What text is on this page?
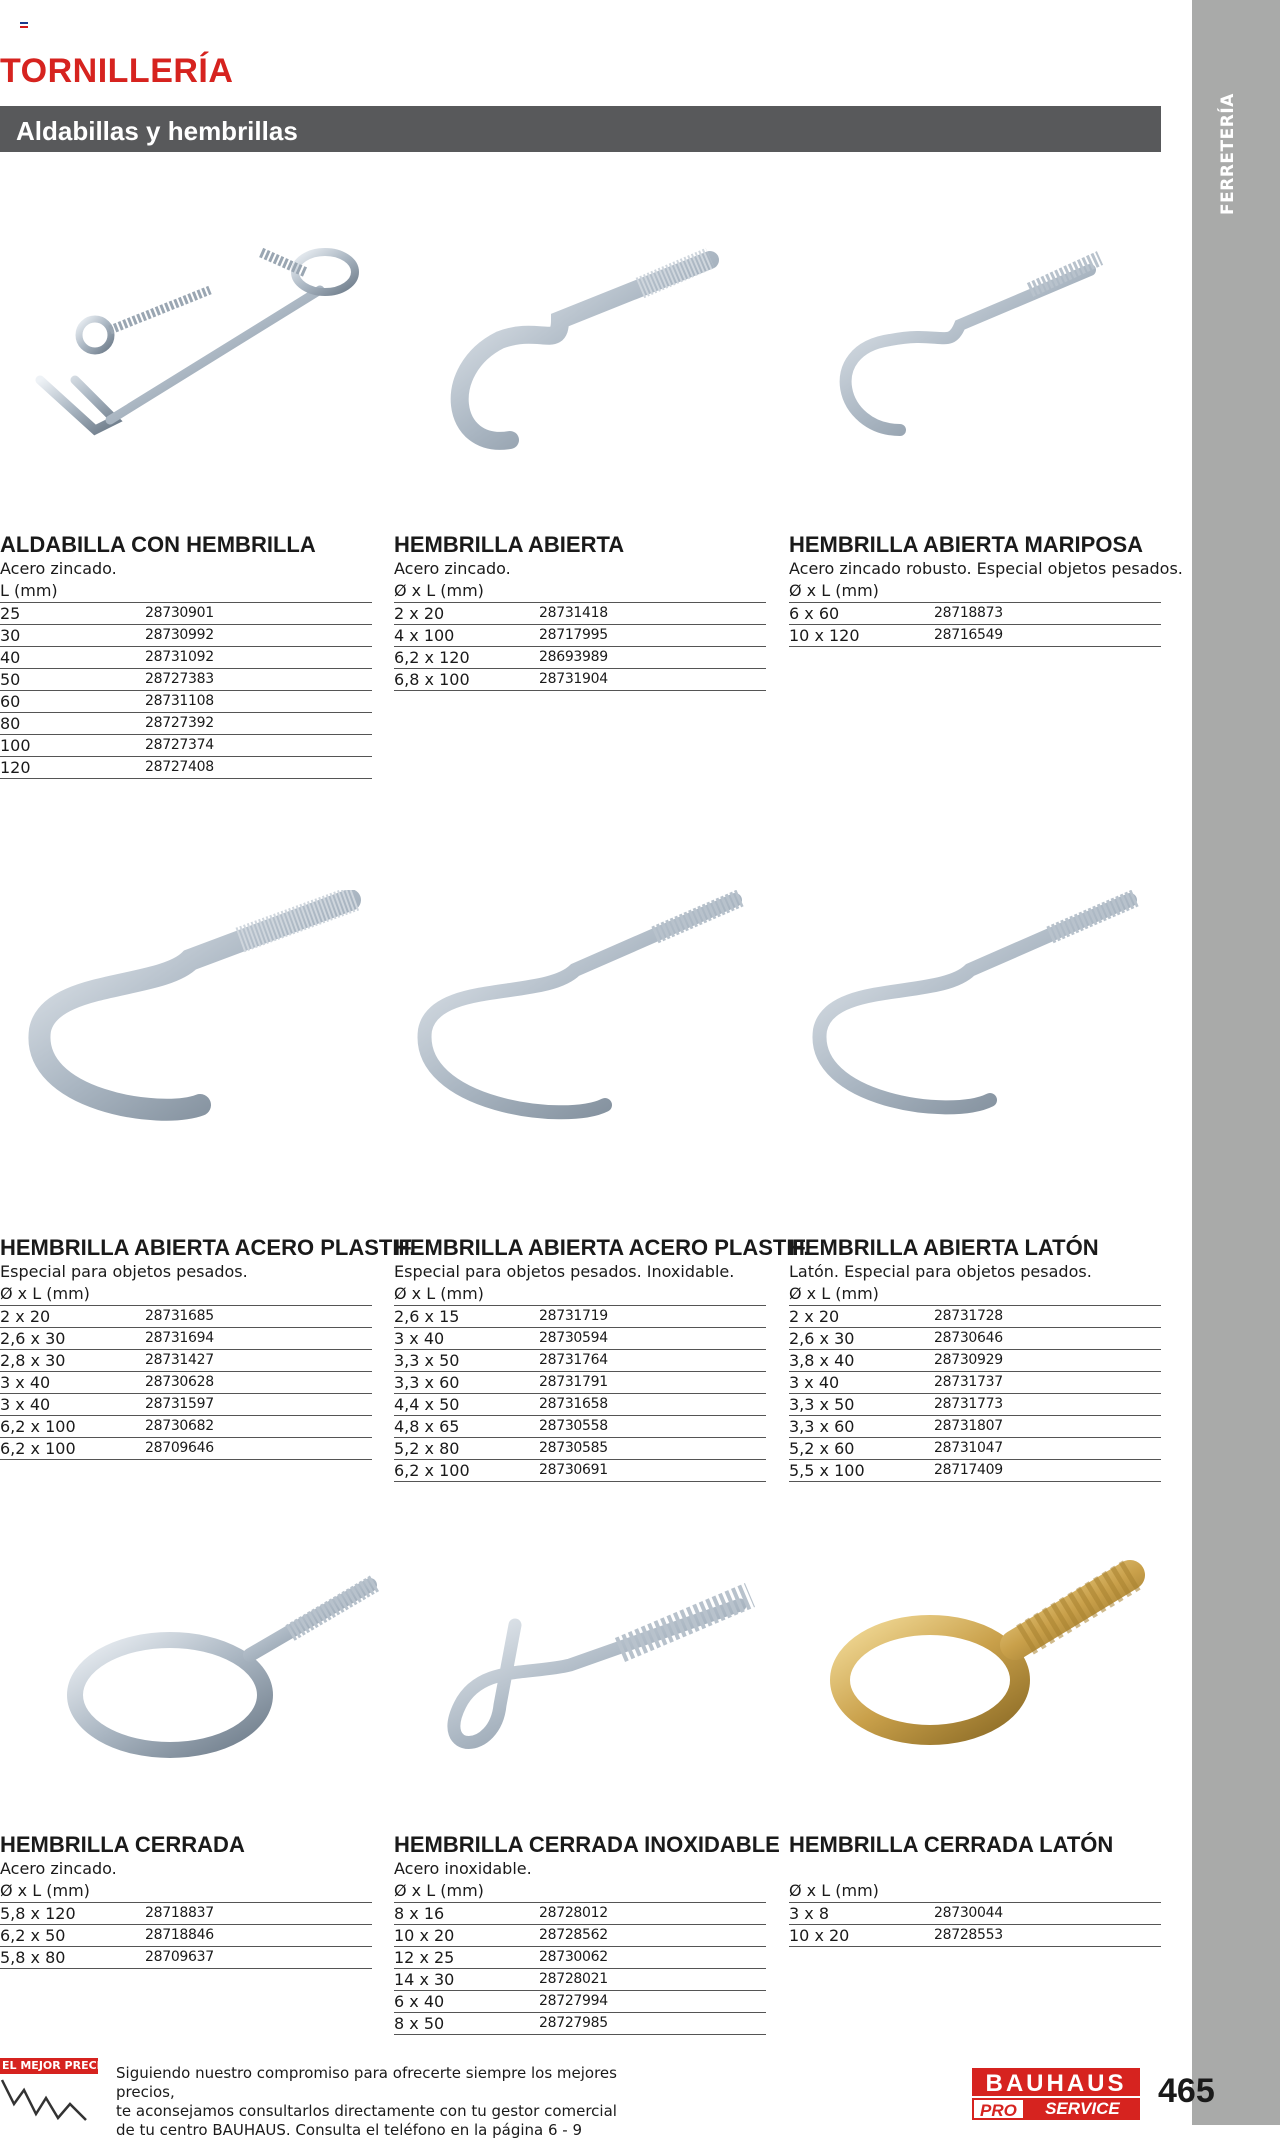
FERRETERÍA
TORNILLERÍA
Aldabillas y hembrillas
ALDABILLA CON HEMBRILLA
Acero zincado.
L (mm)
25	28730901
30	28730992
40	28731092
50	28727383
60	28731108
80	28727392
100	28727374
120	28727408
HEMBRILLA ABIERTA
Acero zincado.
Ø x L (mm)
2 x 20	28731418
4 x 100	28717995
6,2 x 120	28693989
6,8 x 100	28731904
HEMBRILLA ABIERTA MARIPOSA
Acero zincado robusto. Especial objetos pesados.
Ø x L (mm)
6 x 60	28718873
10 x 120	28716549
HEMBRILLA ABIERTA ACERO PLASTIF.
Especial para objetos pesados.
Ø x L (mm)
2 x 20	28731685
2,6 x 30	28731694
2,8 x 30	28731427
3 x 40	28730628
3 x 40	28731597
6,2 x 100	28730682
6,2 x 100	28709646
HEMBRILLA ABIERTA ACERO PLASTIF.
Especial para objetos pesados. Inoxidable.
Ø x L (mm)
2,6 x 15	28731719
3 x 40	28730594
3,3 x 50	28731764
3,3 x 60	28731791
4,4 x 50	28731658
4,8 x 65	28730558
5,2 x 80	28730585
6,2 x 100	28730691
HEMBRILLA ABIERTA LATÓN
Latón. Especial para objetos pesados.
Ø x L (mm)
2 x 20	28731728
2,6 x 30	28730646
3,8 x 40	28730929
3 x 40	28731737
3,3 x 50	28731773
3,3 x 60	28731807
5,2 x 60	28731047
5,5 x 100	28717409
HEMBRILLA CERRADA
Acero zincado.
Ø x L (mm)
5,8 x 120	28718837
6,2 x 50	28718846
5,8 x 80	28709637
HEMBRILLA CERRADA INOXIDABLE
Acero inoxidable.
Ø x L (mm)
8 x 16	28728012
10 x 20	28728562
12 x 25	28730062
14 x 30	28728021
6 x 40	28727994
8 x 50	28727985
HEMBRILLA CERRADA LATÓN
Ø x L (mm)
3 x 8	28730044
10 x 20	28728553
EL MEJOR PRECIO Siguiendo nuestro compromiso para ofrecerte siempre los mejores precios,
te aconsejamos consultarlos directamente con tu gestor comercial
de tu centro BAUHAUS. Consulta el teléfono en la página 6 - 9
BAUHAUS
PRO	SERVICE	465
